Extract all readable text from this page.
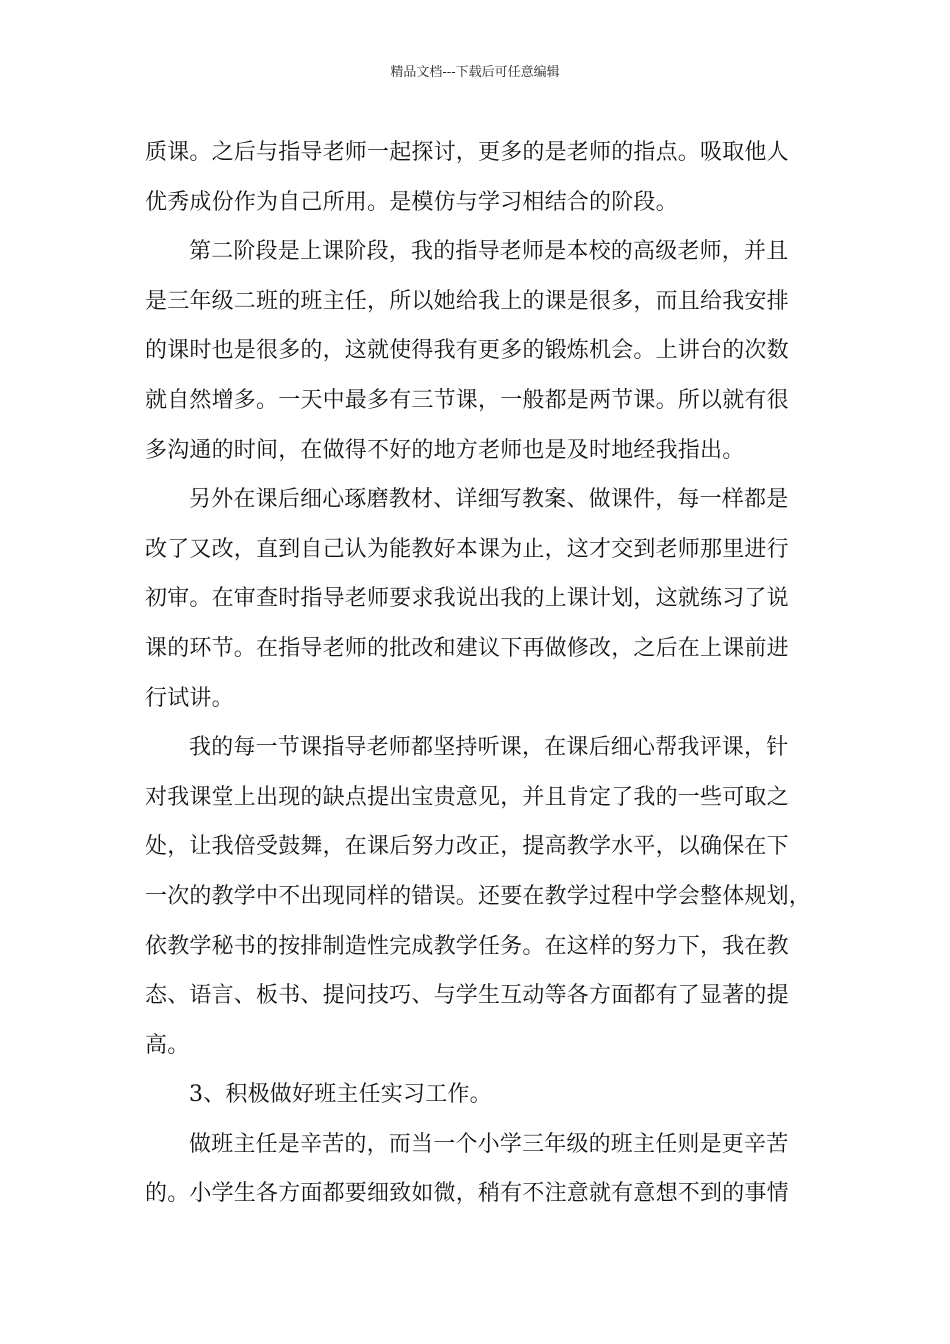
精品文档---下载后可任意编辑
质课。之后与指导老师一起探讨，更多的是老师的指点。吸取他人
优秀成份作为自己所用。是模仿与学习相结合的阶段。
第二阶段是上课阶段，我的指导老师是本校的高级老师，并且
是三年级二班的班主任，所以她给我上的课是很多，而且给我安排
的课时也是很多的，这就使得我有更多的锻炼机会。上讲台的次数
就自然增多。一天中最多有三节课，一般都是两节课。所以就有很
多沟通的时间，在做得不好的地方老师也是及时地经我指出。
另外在课后细心琢磨教材、详细写教案、做课件，每一样都是
改了又改，直到自己认为能教好本课为止，这才交到老师那里进行
初审。在审查时指导老师要求我说出我的上课计划，这就练习了说
课的环节。在指导老师的批改和建议下再做修改，之后在上课前进
行试讲。
我的每一节课指导老师都坚持听课，在课后细心帮我评课，针
对我课堂上出现的缺点提出宝贵意见，并且肯定了我的一些可取之
处，让我倍受鼓舞，在课后努力改正，提高教学水平，以确保在下
一次的教学中不出现同样的错误。还要在教学过程中学会整体规划，
依教学秘书的按排制造性完成教学任务。在这样的努力下，我在教
态、语言、板书、提问技巧、与学生互动等各方面都有了显著的提
高。
3、积极做好班主任实习工作。
做班主任是辛苦的，而当一个小学三年级的班主任则是更辛苦
的。小学生各方面都要细致如微，稍有不注意就有意想不到的事情
